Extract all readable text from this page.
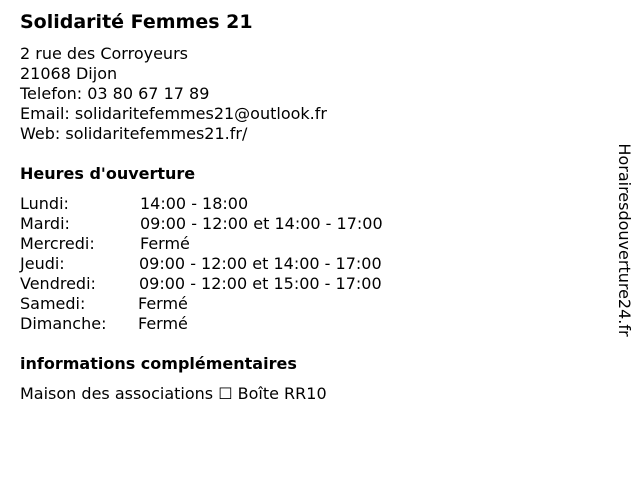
Solidarité Femmes 21
2 rue des Corroyeurs
21068 Dijon
Telefon: 03 80 67 17 89
Email: solidaritefemmes21@outlook.fr
Web: solidaritefemmes21.fr/
Heures d'ouverture
Lundi:	14:00 - 18:00
Mardi:	09:00 - 12:00 et 14:00 - 17:00
Mercredi:	Fermé
Jeudi:	09:00 - 12:00 et 14:00 - 17:00
Vendredi:	09:00 - 12:00 et 15:00 - 17:00
Samedi:	Fermé
Dimanche: Fermé
informations complémentaires
Maison des associations ☐ Boîte RR10
Horairesdouverture24.fr
